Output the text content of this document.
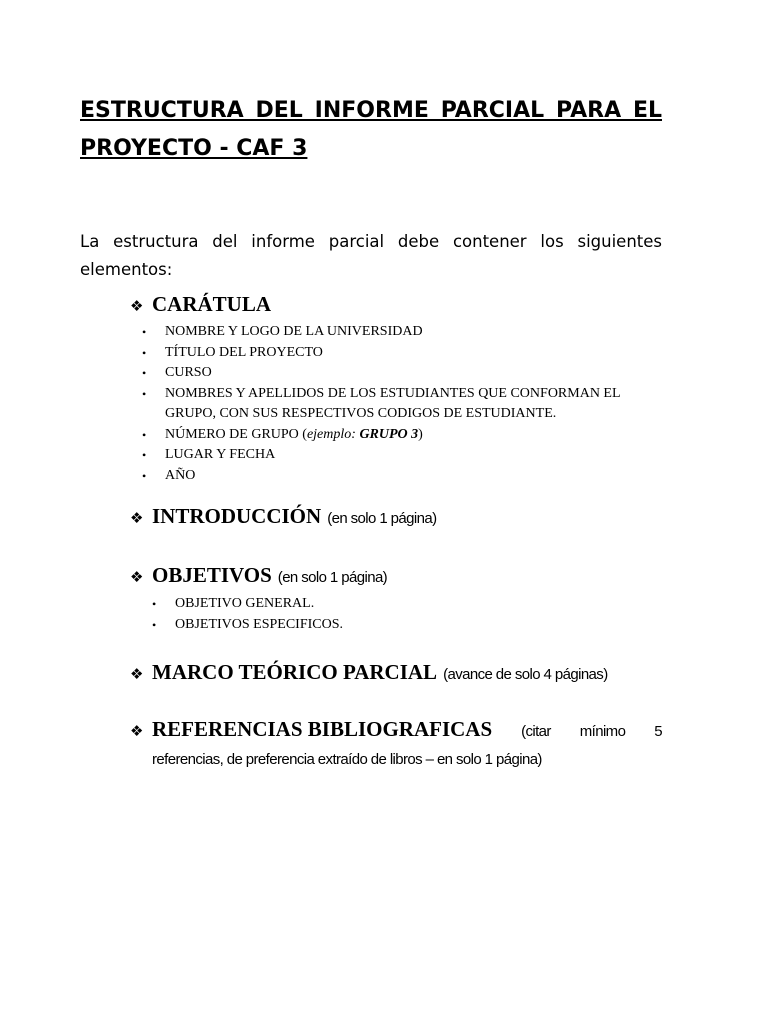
ESTRUCTURA DEL INFORME PARCIAL PARA EL PROYECTO - CAF 3

La estructura del informe parcial debe contener los siguientes elementos:

❖ CARÁTULA
• NOMBRE Y LOGO DE LA UNIVERSIDAD
• TÍTULO DEL PROYECTO
• CURSO
• NOMBRES Y APELLIDOS DE LOS ESTUDIANTES QUE CONFORMAN EL GRUPO, CON SUS RESPECTIVOS CODIGOS DE ESTUDIANTE.
• NÚMERO DE GRUPO (ejemplo: GRUPO 3)
• LUGAR Y FECHA
• AÑO
❖ INTRODUCCIÓN (en solo 1 página)
❖ OBJETIVOS (en solo 1 página)
• OBJETIVO GENERAL.
• OBJETIVOS ESPECIFICOS.
❖ MARCO TEÓRICO PARCIAL (avance de solo 4 páginas)
❖ REFERENCIAS BIBLIOGRAFICAS (citar mínimo 5
referencias, de preferencia extraído de libros – en solo 1 página)
